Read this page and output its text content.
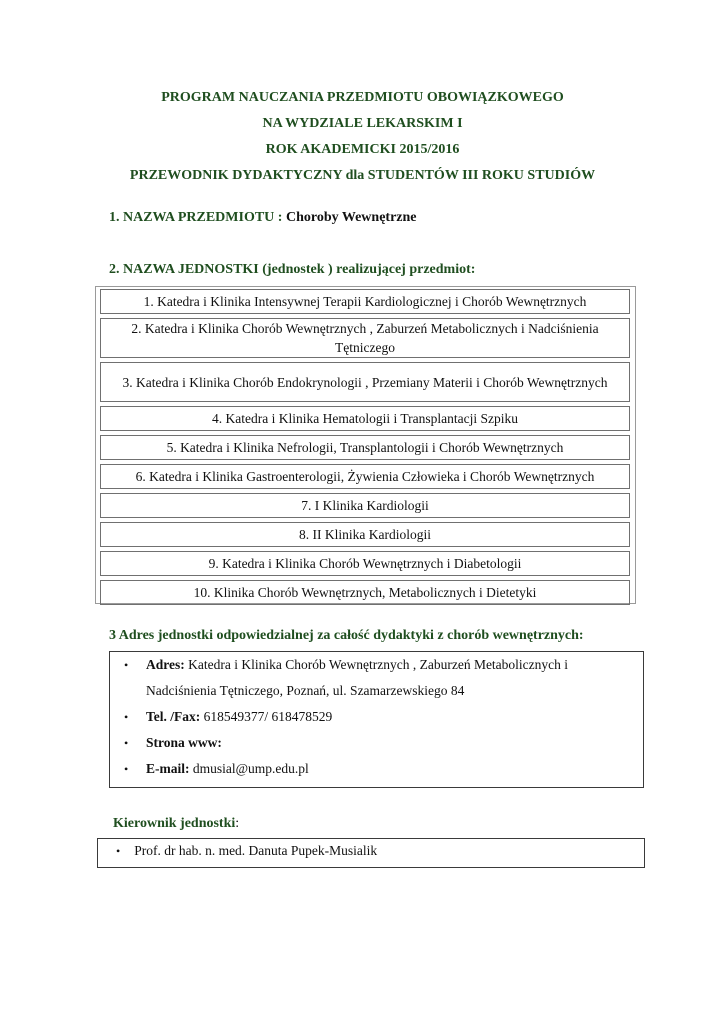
PROGRAM NAUCZANIA PRZEDMIOTU OBOWIĄZKOWEGO
NA WYDZIALE LEKARSKIM I
ROK AKADEMICKI 2015/2016
PRZEWODNIK DYDAKTYCZNY dla STUDENTÓW III ROKU STUDIÓW
1. NAZWA PRZEDMIOTU : Choroby Wewnętrzne
2. NAZWA JEDNOSTKI (jednostek ) realizującej przedmiot:
1. Katedra i Klinika Intensywnej Terapii Kardiologicznej i Chorób Wewnętrznych
2. Katedra i Klinika Chorób Wewnętrznych , Zaburzeń Metabolicznych i Nadciśnienia Tętniczego
3. Katedra i Klinika Chorób Endokrynologii , Przemiany Materii i Chorób Wewnętrznych
4. Katedra i Klinika Hematologii i Transplantacji Szpiku
5. Katedra i Klinika Nefrologii, Transplantologii i Chorób Wewnętrznych
6. Katedra i Klinika Gastroenterologii, Żywienia Człowieka i Chorób Wewnętrznych
7. I Klinika Kardiologii
8. II Klinika Kardiologii
9. Katedra i Klinika Chorób Wewnętrznych i Diabetologii
10. Klinika Chorób Wewnętrznych, Metabolicznych i Dietetyki
3 Adres jednostki odpowiedzialnej za całość dydaktyki z chorób wewnętrznych:
• Adres: Katedra i Klinika Chorób Wewnętrznych , Zaburzeń Metabolicznych i Nadciśnienia Tętniczego, Poznań, ul. Szamarzewskiego 84
• Tel. /Fax: 618549377/ 618478529
• Strona www:
• E-mail: dmusial@ump.edu.pl
Kierownik jednostki:
• Prof. dr hab. n. med. Danuta Pupek-Musialik
